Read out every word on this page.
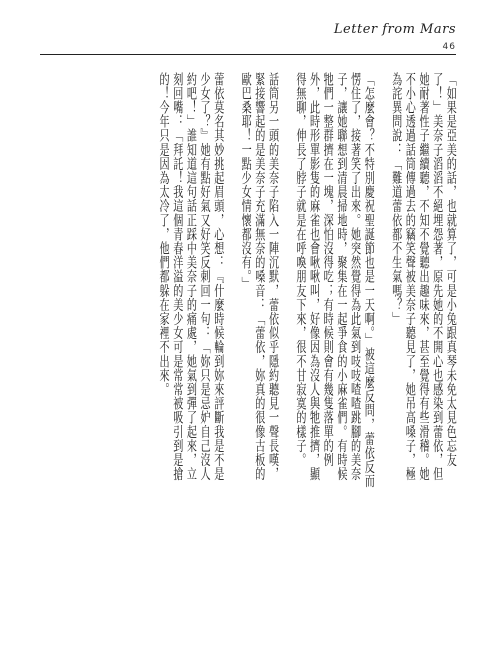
Letter from Mars
46

「如果是亞美的話，也就算了，可是小兔跟真琴未免太見色忘友了！」美奈子滔滔不絕埋怨著，原先她的不開心也感染到蕾依，但她耐著性子繼續聽，不知不覺聽出趣味來，甚至覺得有些滑稽。她不小心透過話筒傳過去的竊笑聲被美奈子聽見了，她吊高嗓子，極為詫異問說：「難道蕾依都不生氣嗎？」

「怎麼會？不特別慶祝聖誕節也是一天啊。」被這麼反問，蕾依反而愣住了，接著笑了出來。她突然覺得為此氣到吱吱喳喳跳腳的美奈子，讓她聯想到清晨掃地時，聚集在一起爭食的小麻雀們。有時候牠們一整群擠在一塊，深怕沒得吃；有時候則會有幾隻落單的例外，此時形單影隻的麻雀也會啾啾叫，好像因為沒人與牠推擠，顯得無聊，伸長了脖子就是在呼喚朋友下來，很不甘寂寞的樣子。

話筒另一頭的美奈子陷入一陣沉默，蕾依似乎隱約聽見一聲長嘆，緊接響起的是美奈子充滿無奈的嗓音：「蕾依，妳真的很像古板的歐巴桑耶！一點少女情懷都沒有。」

蕾依莫名其妙挑起眉頭，心想：『什麼時候輪到妳來評斷我是不是少女了？』她有點好氣又好笑反刺回一句：「妳只是忌妒自己沒人約吧！」誰知道這句話正踩中美奈子的痛處，她氣到彈了起來，立刻回嘴：「拜託！我這個青春洋溢的美少女可是常常被吸引到是搶的！今年只是因為太冷了，他們都躲在家裡不出來。
